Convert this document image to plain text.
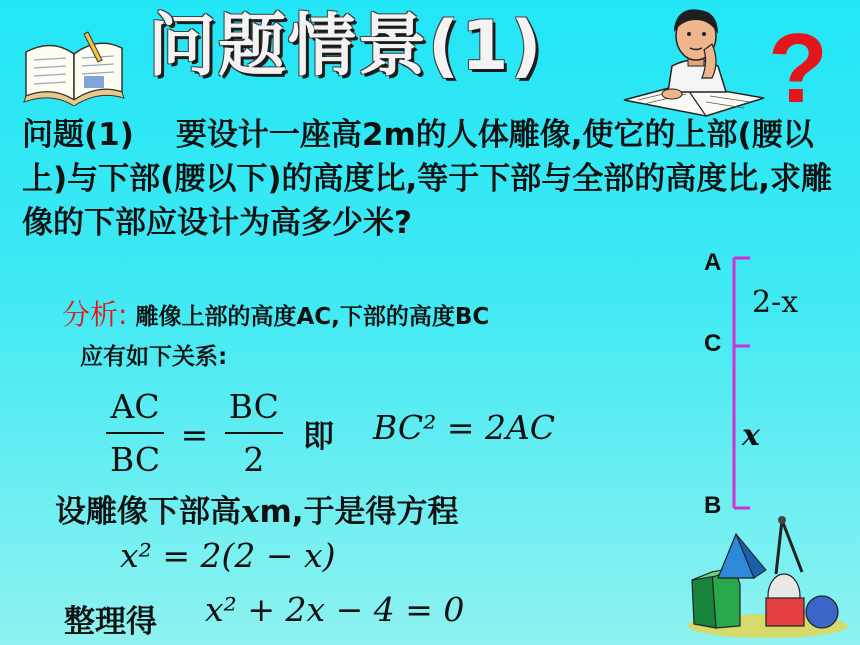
问题情景(1)	?
问题(1) 要设计一座高2m的人体雕像,使它的上部(腰以上)与下部(腰以下)的高度比,等于下部与全部的高度比,求雕像的下部应设计为高多少米?
分析: 雕像上部的高度AC,下部的高度BC
应有如下关系:
$\frac{AC}{BC} = \frac{BC}{2}$ 即 BC² = 2AC
设雕像下部高xm,于是得方程
x² = 2(2 − x)
整理得 x² + 2x − 4 = 0
A
C
B
2-x
x
